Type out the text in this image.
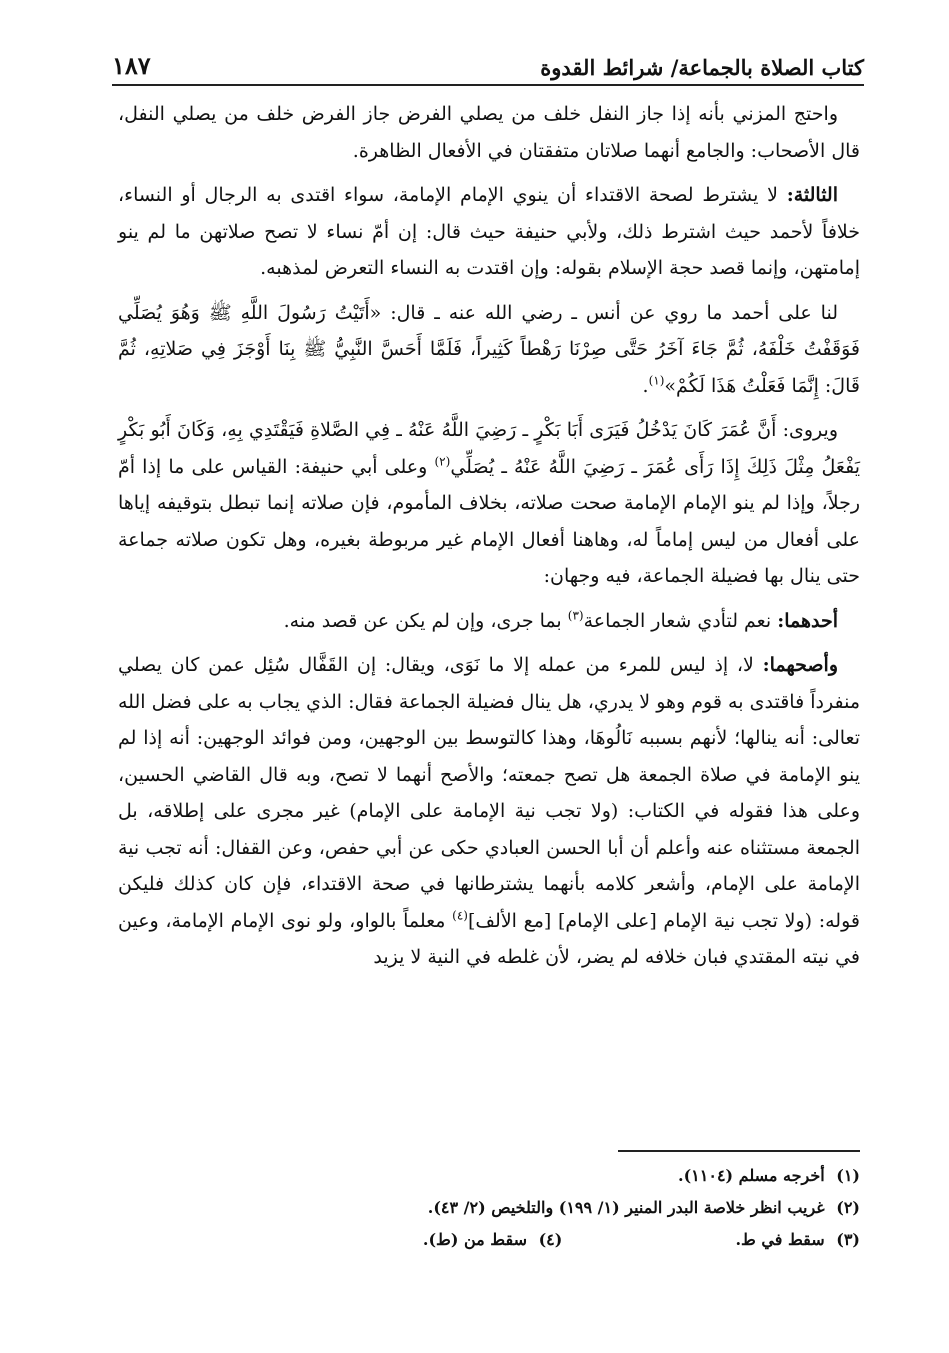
كتاب الصلاة بالجماعة/ شرائط القدوة
١٨٧

واحتج المزني بأنه إذا جاز النفل خلف من يصلي الفرض جاز الفرض خلف من يصلي النفل، قال الأصحاب: والجامع أنهما صلاتان متفقتان في الأفعال الظاهرة.

الثالثة: لا يشترط لصحة الاقتداء أن ينوي الإمام الإمامة، سواء اقتدى به الرجال أو النساء، خلافاً لأحمد حيث اشترط ذلك، ولأبي حنيفة حيث قال: إن أمّ نساء لا تصح صلاتهن ما لم ينو إمامتهن، وإنما قصد حجة الإسلام بقوله: وإن اقتدت به النساء التعرض لمذهبه.

لنا على أحمد ما روي عن أنس ـ رضي الله عنه ـ قال: «أَتَيْتُ رَسُولَ اللَّهِ ﷺ وَهُوَ يُصَلِّي فَوَقَفْتُ خَلْفَهُ، ثُمَّ جَاءَ آخَرُ حَتَّى صِرْنَا رَهْطاً كَثِيراً، فَلَمَّا أَحَسَّ النَّبِيُّ ﷺ بِنَا أَوْجَزَ فِي صَلاتِهِ، ثُمَّ قَالَ: إِنَّمَا فَعَلْتُ هَذَا لَكُمْ»$^{(١)}$.

ويروى: أَنَّ عُمَرَ كَانَ يَدْخُلُ فَيَرَى أَبَا بَكْرٍ ـ رَضِيَ اللَّهُ عَنْهُ ـ فِي الصَّلاةِ فَيَقْتَدِي بِهِ، وَكَانَ أَبُو بَكْرٍ يَفْعَلُ مِثْلَ ذَلِكَ إِذَا رَأَى عُمَرَ ـ رَضِيَ اللَّهُ عَنْهُ ـ يُصَلِّي$^{(٢)}$ وعلى أبي حنيفة: القياس على ما إذا أمّ رجلاً، وإذا لم ينو الإمام الإمامة صحت صلاته، بخلاف المأموم، فإن صلاته إنما تبطل بتوقيفه إياها على أفعال من ليس إماماً له، وهاهنا أفعال الإمام غير مربوطة بغيره، وهل تكون صلاته جماعة حتى ينال بها فضيلة الجماعة، فيه وجهان:

أحدهما: نعم لتأدي شعار الجماعة$^{(٣)}$ بما جرى، وإن لم يكن عن قصد منه.

وأصحهما: لا، إذ ليس للمرء من عمله إلا ما نَوَى، ويقال: إن القَفَّال سُئِل عمن كان يصلي منفرداً فاقتدى به قوم وهو لا يدري، هل ينال فضيلة الجماعة فقال: الذي يجاب به على فضل الله تعالى: أنه ينالها؛ لأنهم بسببه نَالُوهَا، وهذا كالتوسط بين الوجهين، ومن فوائد الوجهين: أنه إذا لم ينو الإمامة في صلاة الجمعة هل تصح جمعته؛ والأصح أنهما لا تصح، وبه قال القاضي الحسين، وعلى هذا فقوله في الكتاب: (ولا تجب نية الإمامة على الإمام) غير مجرى على إطلاقه، بل الجمعة مستثناه عنه وأعلم أن أبا الحسن العبادي حكى عن أبي حفص، وعن القفال: أنه تجب نية الإمامة على الإمام، وأشعر كلامه بأنهما يشترطانها في صحة الاقتداء، فإن كان كذلك فليكن قوله: (ولا تجب نية الإمام [على الإمام] [مع الألف]$^{(٤)}$ معلماً بالواو، ولو نوى الإمام الإمامة، وعين في نيته المقتدي فبان خلافه لم يضر، لأن غلطه في النية لا يزيد

(١) أخرجه مسلم (١١٠٤).
(٢) غريب انظر خلاصة البدر المنير (١/ ١٩٩) والتلخيص (٢/ ٤٣).
(٣) سقط في ط.  (٤) سقط من (ط).
